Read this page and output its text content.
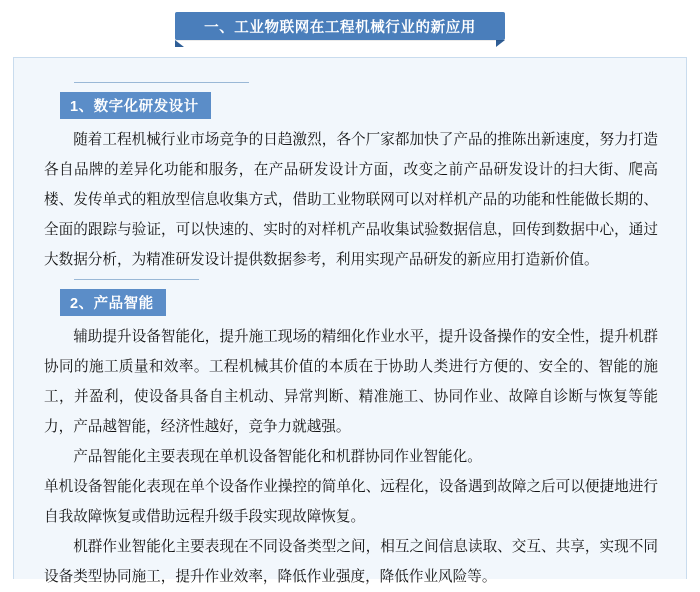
一、工业物联网在工程机械行业的新应用
1、数字化研发设计

随着工程机械行业市场竞争的日趋激烈，各个厂家都加快了产品的推陈出新速度，努力打造各自品牌的差异化功能和服务，在产品研发设计方面，改变之前产品研发设计的扫大街、爬高楼、发传单式的粗放型信息收集方式，借助工业物联网可以对样机产品的功能和性能做长期的、全面的跟踪与验证，可以快速的、实时的对样机产品收集试验数据信息，回传到数据中心，通过大数据分析，为精准研发设计提供数据参考，利用实现产品研发的新应用打造新价值。

2、产品智能

辅助提升设备智能化，提升施工现场的精细化作业水平，提升设备操作的安全性，提升机群协同的施工质量和效率。工程机械其价值的本质在于协助人类进行方便的、安全的、智能的施工，并盈利，使设备具备自主机动、异常判断、精准施工、协同作业、故障自诊断与恢复等能力，产品越智能，经济性越好，竞争力就越强。

产品智能化主要表现在单机设备智能化和机群协同作业智能化。

单机设备智能化表现在单个设备作业操控的简单化、远程化，设备遇到故障之后可以便捷地进行自我故障恢复或借助远程升级手段实现故障恢复。

机群作业智能化主要表现在不同设备类型之间，相互之间信息读取、交互、共享，实现不同设备类型协同施工，提升作业效率，降低作业强度，降低作业风险等。
